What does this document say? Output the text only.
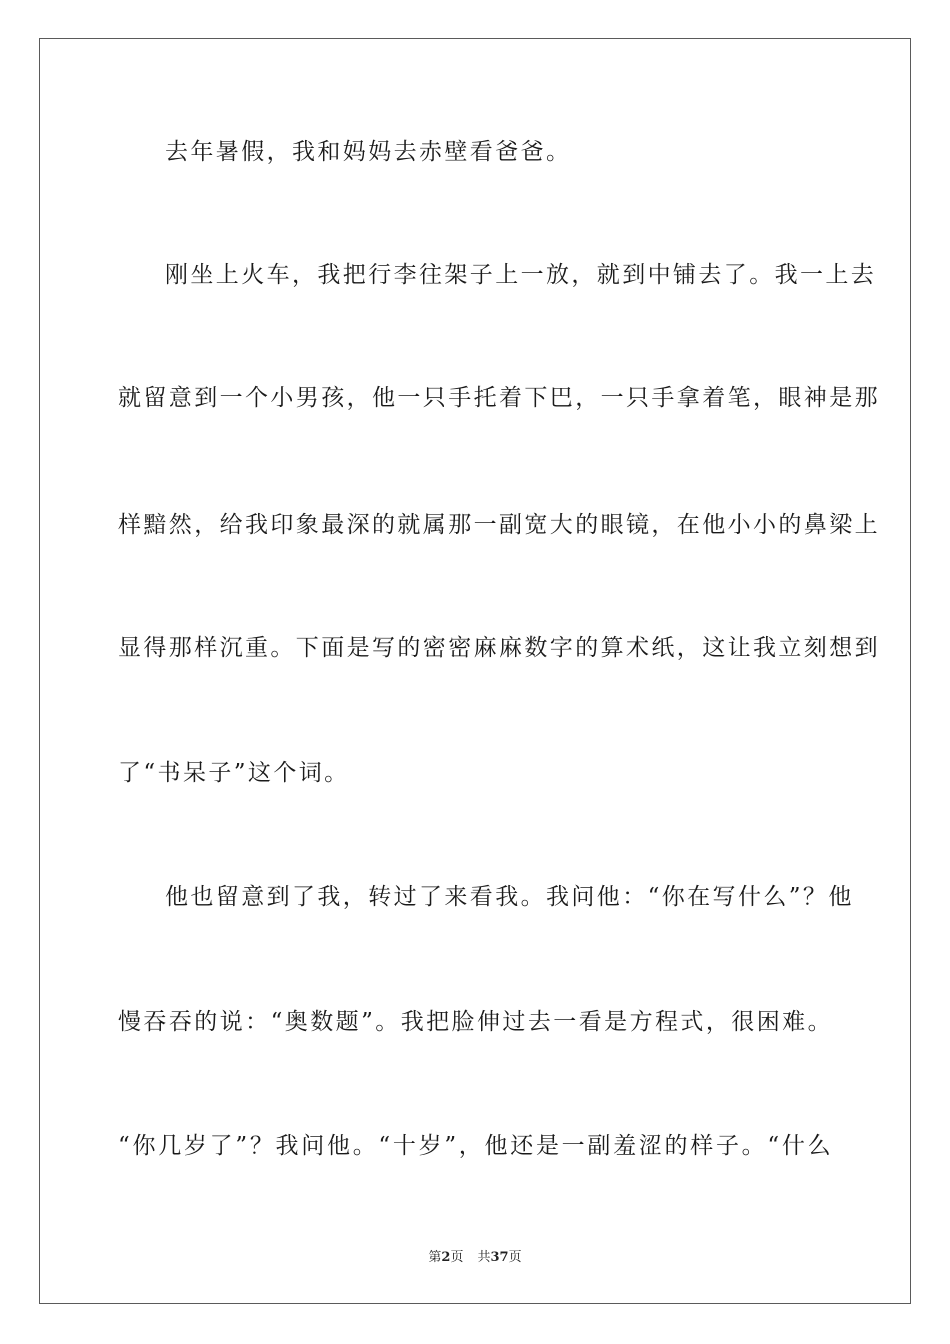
去年暑假，我和妈妈去赤壁看爸爸。
刚坐上火车，我把行李往架子上一放，就到中铺去了。我一上去
就留意到一个小男孩，他一只手托着下巴，一只手拿着笔，眼神是那
样黯然，给我印象最深的就属那一副宽大的眼镜，在他小小的鼻梁上
显得那样沉重。下面是写的密密麻麻数字的算术纸，这让我立刻想到
了“书呆子”这个词。
他也留意到了我，转过了来看我。我问他：“你在写什么”？他
慢吞吞的说：“奥数题”。我把脸伸过去一看是方程式，很困难。
“你几岁了”？我问他。“十岁”，他还是一副羞涩的样子。“什么
第2页 共37页
